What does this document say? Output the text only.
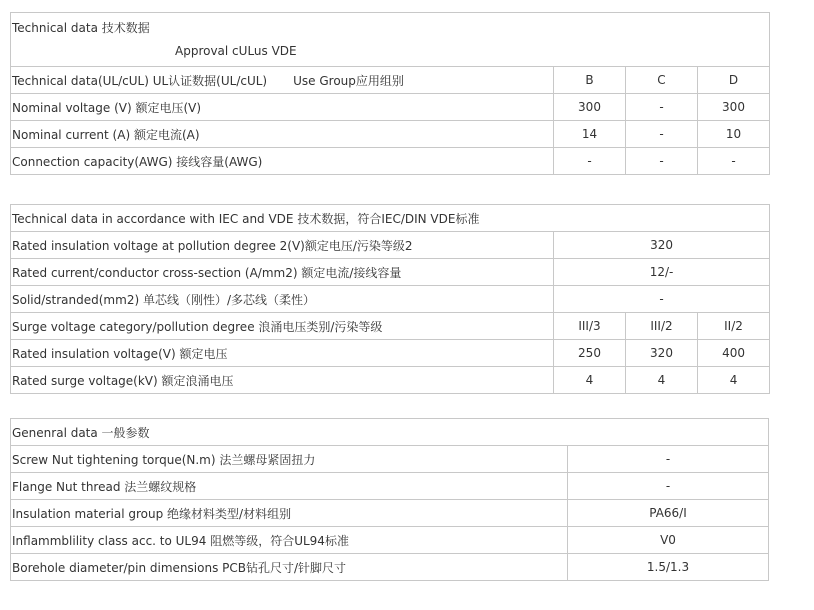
Technical data 技术数据
Approval cULus VDE			

Technical data(UL/cUL) UL认证数据(UL/cUL) Use Group应用组别	B	C	D
Nominal voltage (V) 额定电压(V)	300	-	300
Nominal current (A) 额定电流(A)	14	-	10
Connection capacity(AWG) 接线容量(AWG)	-	-	-
Technical data in accordance with IEC and VDE 技术数据，符合IEC/DIN VDE标准			
Rated insulation voltage at pollution degree 2(V)额定电压/污染等级2	320		
Rated current/conductor cross-section (A/mm2) 额定电流/接线容量	12/-		
Solid/stranded(mm2) 单芯线（刚性）/多芯线（柔性）	-		
Surge voltage category/pollution degree 浪涌电压类别/污染等级	III/3	III/2	II/2
Rated insulation voltage(V) 额定电压	250	320	400
Rated surge voltage(kV) 额定浪涌电压	4	4	4
Genenral data 一般参数	
Screw Nut tightening torque(N.m) 法兰螺母紧固扭力	-
Flange Nut thread 法兰螺纹规格	-
Insulation material group 绝缘材料类型/材料组别	PA66/I
Inflammblility class acc. to UL94 阻燃等级，符合UL94标准	V0
Borehole diameter/pin dimensions PCB钻孔尺寸/针脚尺寸	1.5/1.3
